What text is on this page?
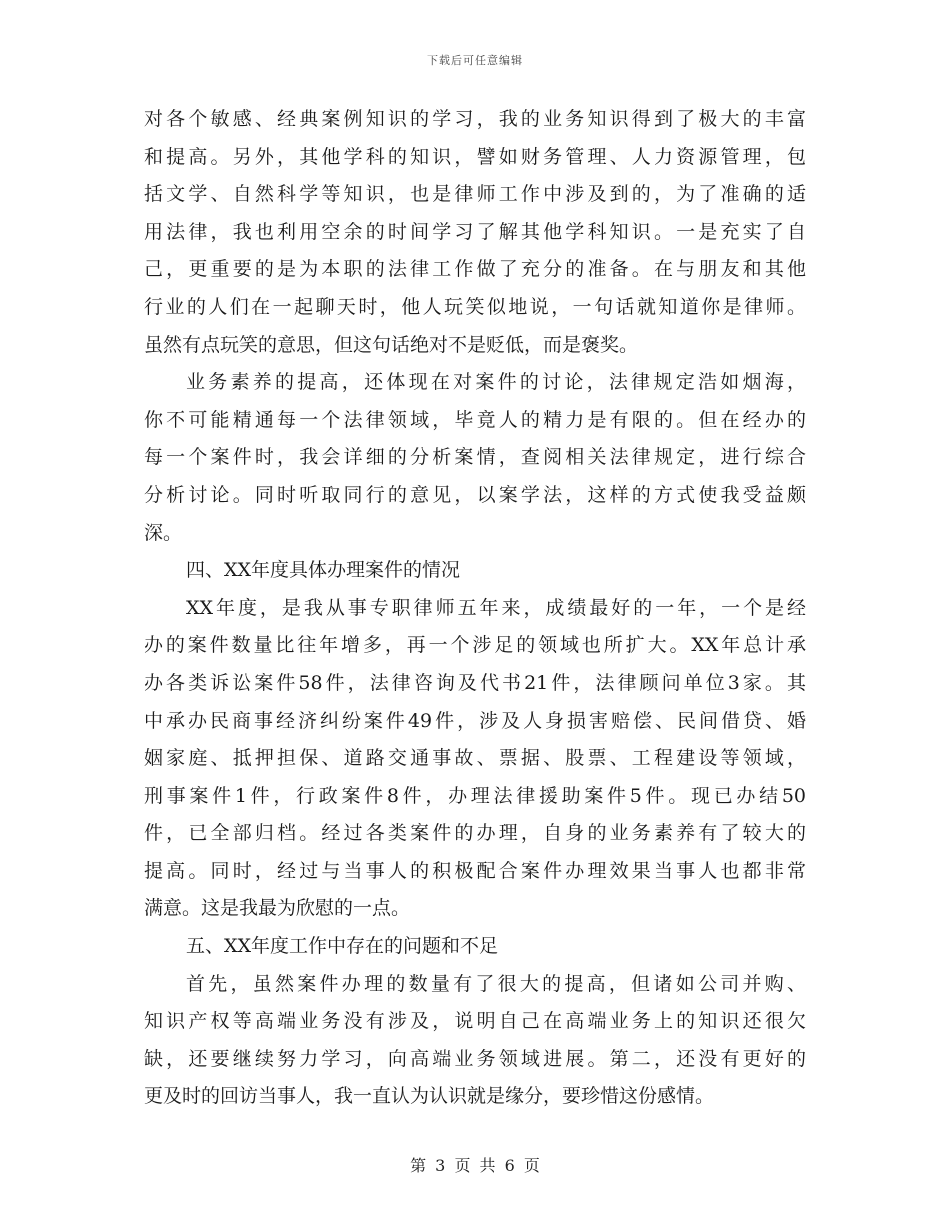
下载后可任意编辑
对各个敏感、经典案例知识的学习，我的业务知识得到了极大的丰富
和提高。另外，其他学科的知识，譬如财务管理、人力资源管理，包
括文学、自然科学等知识，也是律师工作中涉及到的，为了准确的适
用法律，我也利用空余的时间学习了解其他学科知识。一是充实了自
己，更重要的是为本职的法律工作做了充分的准备。在与朋友和其他
行业的人们在一起聊天时，他人玩笑似地说，一句话就知道你是律师。
虽然有点玩笑的意思，但这句话绝对不是贬低，而是褒奖。
业务素养的提高，还体现在对案件的讨论，法律规定浩如烟海，
你不可能精通每一个法律领域，毕竟人的精力是有限的。但在经办的
每一个案件时，我会详细的分析案情，查阅相关法律规定，进行综合
分析讨论。同时听取同行的意见，以案学法，这样的方式使我受益颇
深。
四、XX年度具体办理案件的情况
XX年度，是我从事专职律师五年来，成绩最好的一年，一个是经
办的案件数量比往年增多，再一个涉足的领域也所扩大。XX年总计承
办各类诉讼案件58件，法律咨询及代书21件，法律顾问单位3家。其
中承办民商事经济纠纷案件49件，涉及人身损害赔偿、民间借贷、婚
姻家庭、抵押担保、道路交通事故、票据、股票、工程建设等领域，
刑事案件1件，行政案件8件，办理法律援助案件5件。现已办结50
件，已全部归档。经过各类案件的办理，自身的业务素养有了较大的
提高。同时，经过与当事人的积极配合案件办理效果当事人也都非常
满意。这是我最为欣慰的一点。
五、XX年度工作中存在的问题和不足
首先，虽然案件办理的数量有了很大的提高，但诸如公司并购、
知识产权等高端业务没有涉及，说明自己在高端业务上的知识还很欠
缺，还要继续努力学习，向高端业务领域进展。第二，还没有更好的
更及时的回访当事人，我一直认为认识就是缘分，要珍惜这份感情。
第 3 页 共 6 页
